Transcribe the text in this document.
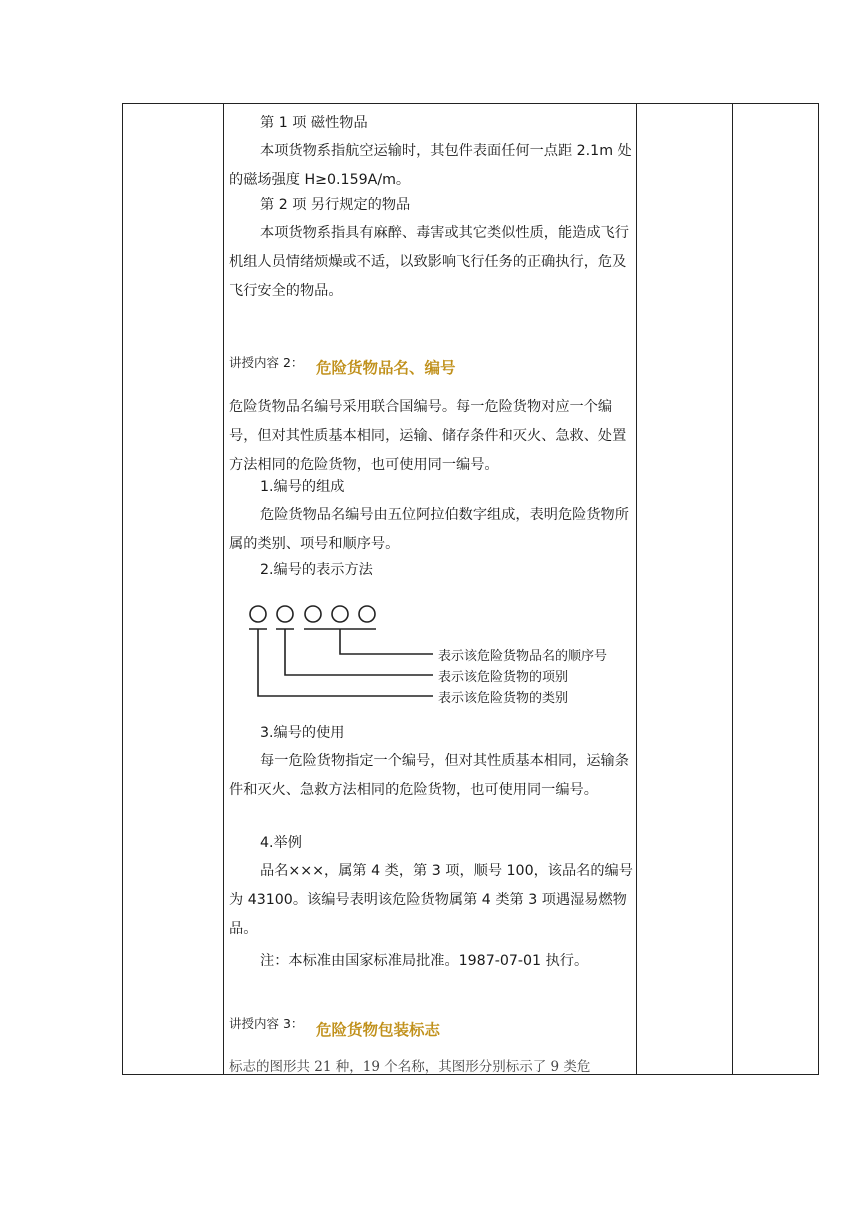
第 1 项 磁性物品
本项货物系指航空运输时，其包件表面任何一点距 2.1m 处的磁场强度 H≥0.159A/m。
第 2 项 另行规定的物品
本项货物系指具有麻醉、毒害或其它类似性质，能造成飞行机组人员情绪烦燥或不适，以致影响飞行任务的正确执行，危及飞行安全的物品。
讲授内容 2： 危险货物品名、编号
危险货物品名编号采用联合国编号。每一危险货物对应一个编号，但对其性质基本相同，运输、储存条件和灭火、急救、处置方法相同的危险货物，也可使用同一编号。
1.编号的组成
危险货物品名编号由五位阿拉伯数字组成，表明危险货物所属的类别、项号和顺序号。
2.编号的表示方法
表示该危险货物品名的顺序号
表示该危险货物的项别
表示该危险货物的类别
3.编号的使用
每一危险货物指定一个编号，但对其性质基本相同，运输条 件和灭火、急救方法相同的危险货物，也可使用同一编号。
4.举例
品名×××，属第 4 类，第 3 项，顺号 100，该品名的编号为 43100。该编号表明该危险货物属第 4 类第 3 项遇湿易燃物品。
注：本标准由国家标准局批准。1987-07-01 执行。
讲授内容 3： 危险货物包装标志
标志的图形共 21 种，19 个名称，其图形分别标示了 9 类危
